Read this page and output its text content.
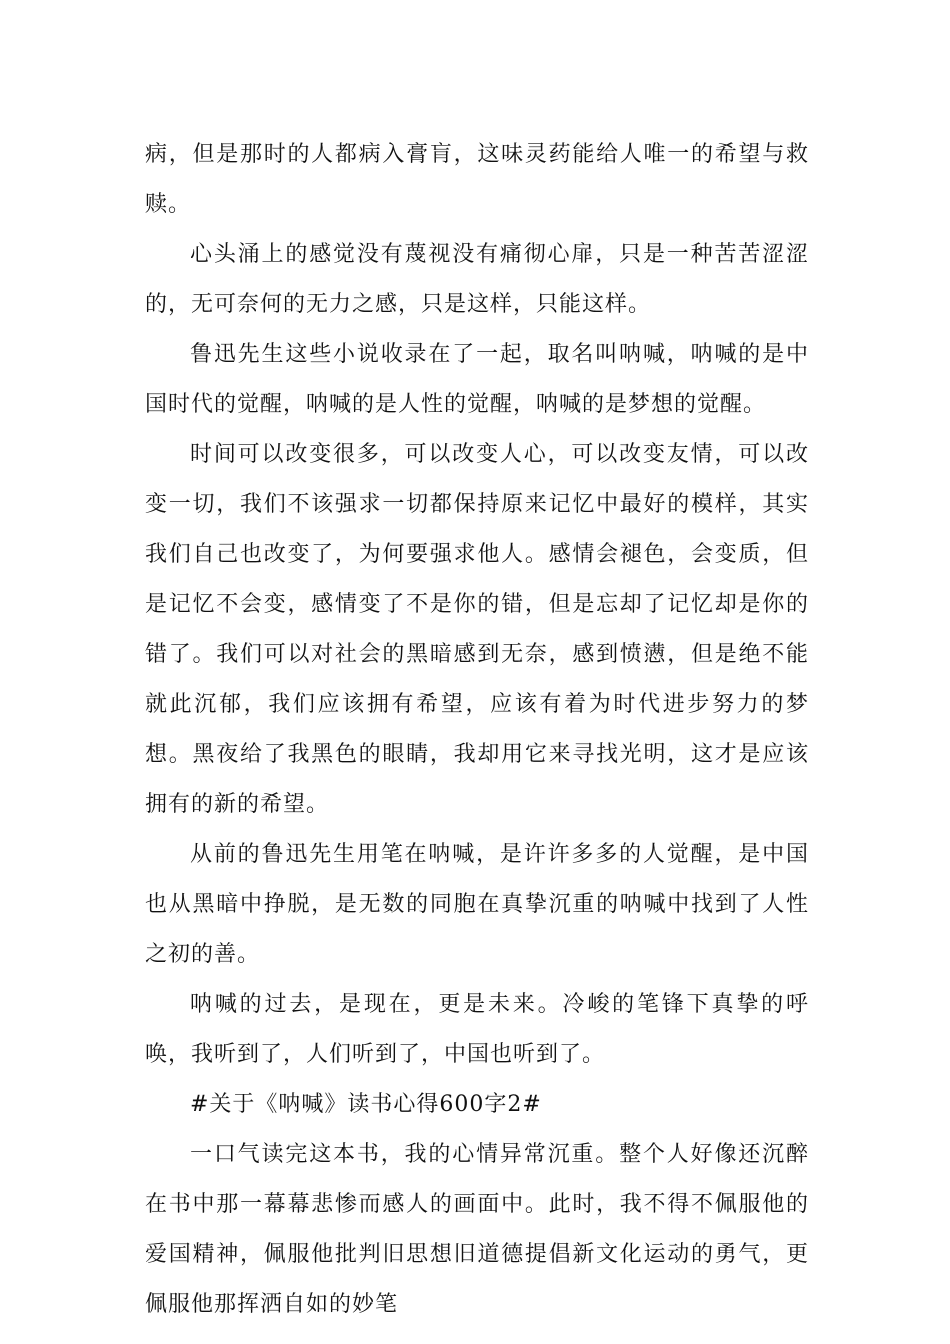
病，但是那时的人都病入膏肓，这味灵药能给人唯一的希望与救赎。

心头涌上的感觉没有蔑视没有痛彻心扉，只是一种苦苦涩涩的，无可奈何的无力之感，只是这样，只能这样。

鲁迅先生这些小说收录在了一起，取名叫呐喊，呐喊的是中国时代的觉醒，呐喊的是人性的觉醒，呐喊的是梦想的觉醒。

时间可以改变很多，可以改变人心，可以改变友情，可以改变一切，我们不该强求一切都保持原来记忆中最好的模样，其实我们自己也改变了，为何要强求他人。感情会褪色，会变质，但是记忆不会变，感情变了不是你的错，但是忘却了记忆却是你的错了。我们可以对社会的黑暗感到无奈，感到愤懑，但是绝不能就此沉郁，我们应该拥有希望，应该有着为时代进步努力的梦想。黑夜给了我黑色的眼睛，我却用它来寻找光明，这才是应该拥有的新的希望。

从前的鲁迅先生用笔在呐喊，是许许多多的人觉醒，是中国也从黑暗中挣脱，是无数的同胞在真挚沉重的呐喊中找到了人性之初的善。

呐喊的过去，是现在，更是未来。冷峻的笔锋下真挚的呼唤，我听到了，人们听到了，中国也听到了。

#关于《呐喊》读书心得600字2#

一口气读完这本书，我的心情异常沉重。整个人好像还沉醉在书中那一幕幕悲惨而感人的画面中。此时，我不得不佩服他的爱国精神，佩服他批判旧思想旧道德提倡新文化运动的勇气，更佩服他那挥洒自如的妙笔
